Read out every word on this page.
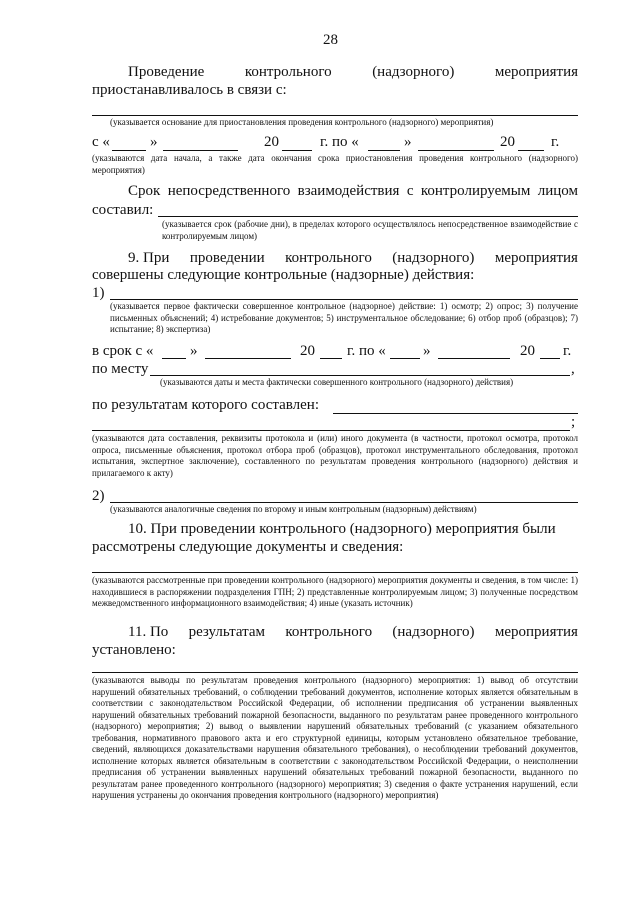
28
Проведение	контрольного	(надзорного)	мероприятия
приостанавливалось в связи с:
(указывается основание для приостановления проведения контрольного (надзорного) мероприятия)
с «	»	20	г. по «	»	20 г.
(указываются дата начала, а также дата окончания срока приостановления проведения контрольного (надзорного) мероприятия)
Срок непосредственного взаимодействия с контролируемым лицом
составил:
(указывается срок (рабочие дни), в пределах которого осуществлялось непосредственное взаимодействие с контролируемым лицом)
9. При проведении контрольного (надзорного) мероприятия
совершены следующие контрольные (надзорные) действия:
1)
(указывается первое фактически совершенное контрольное (надзорное) действие: 1) осмотр; 2) опрос; 3) получение письменных объяснений; 4) истребование документов; 5) инструментальное обследование; 6) отбор проб (образцов); 7) испытание; 8) экспертиза)
в срок с « »	20 г. по « »	20 г.
по месту	,
(указываются даты и места фактически совершенного контрольного (надзорного) действия)
по результатам которого составлен:
;
(указываются дата составления, реквизиты протокола и (или) иного документа (в частности, протокол осмотра, протокол опроса, письменные объяснения, протокол отбора проб (образцов), протокол инструментального обследования, протокол испытания, экспертное заключение), составленного по результатам проведения контрольного (надзорного) действия и прилагаемого к акту)
2)
(указываются аналогичные сведения по второму и иным контрольным (надзорным) действиям)
10. При проведении контрольного (надзорного) мероприятия были
рассмотрены следующие документы и сведения:
(указываются рассмотренные при проведении контрольного (надзорного) мероприятия документы и сведения, в том числе: 1) находившиеся в распоряжении подразделения ГПН; 2) представленные контролируемым лицом; 3) полученные посредством межведомственного информационного взаимодействия; 4) иные (указать источник)
11. По результатам контрольного (надзорного) мероприятия
установлено:
(указываются выводы по результатам проведения контрольного (надзорного) мероприятия: 1) вывод об отсутствии нарушений обязательных требований, о соблюдении требований документов, исполнение которых является обязательным в соответствии с законодательством Российской Федерации, об исполнении предписания об устранении выявленных нарушений обязательных требований пожарной безопасности, выданного по результатам ранее проведенного контрольного (надзорного) мероприятия; 2) вывод о выявлении нарушений обязательных требований (с указанием обязательного требования, нормативного правового акта и его структурной единицы, которым установлено обязательное требование, сведений, являющихся доказательствами нарушения обязательного требования), о несоблюдении требований документов, исполнение которых является обязательным в соответствии с законодательством Российской Федерации, о неисполнении предписания об устранении выявленных нарушений обязательных требований пожарной безопасности, выданного по результатам ранее проведенного контрольного (надзорного) мероприятия; 3) сведения о факте устранения нарушений, если нарушения устранены до окончания проведения контрольного (надзорного) мероприятия)
